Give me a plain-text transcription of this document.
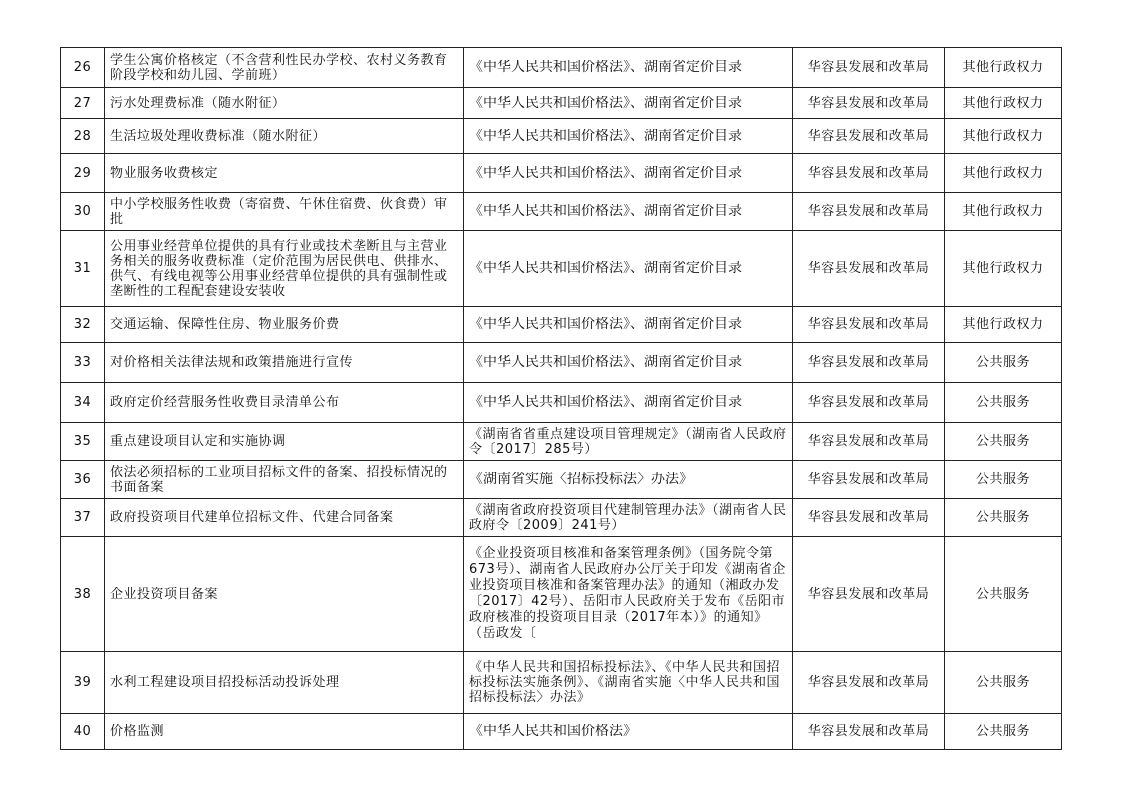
26	学生公寓价格核定（不含营利性民办学校、农村义务教育阶段学校和幼儿园、学前班）	《中华人民共和国价格法》、湖南省定价目录	华容县发展和改革局	其他行政权力
27	污水处理费标准（随水附征）	《中华人民共和国价格法》、湖南省定价目录	华容县发展和改革局	其他行政权力
28	生活垃圾处理收费标准（随水附征）	《中华人民共和国价格法》、湖南省定价目录	华容县发展和改革局	其他行政权力
29	物业服务收费核定	《中华人民共和国价格法》、湖南省定价目录	华容县发展和改革局	其他行政权力
30	中小学校服务性收费（寄宿费、午休住宿费、伙食费）审批	《中华人民共和国价格法》、湖南省定价目录	华容县发展和改革局	其他行政权力
31	公用事业经营单位提供的具有行业或技术垄断且与主营业务相关的服务收费标准（定价范围为居民供电、供排水、供气、有线电视等公用事业经营单位提供的具有强制性或垄断性的工程配套建设安装收	《中华人民共和国价格法》、湖南省定价目录	华容县发展和改革局	其他行政权力
32	交通运输、保障性住房、物业服务价费	《中华人民共和国价格法》、湖南省定价目录	华容县发展和改革局	其他行政权力
33	对价格相关法律法规和政策措施进行宣传	《中华人民共和国价格法》、湖南省定价目录	华容县发展和改革局	公共服务
34	政府定价经营服务性收费目录清单公布	《中华人民共和国价格法》、湖南省定价目录	华容县发展和改革局	公共服务
35	重点建设项目认定和实施协调	《湖南省省重点建设项目管理规定》（湖南省人民政府令〔2017〕285号）	华容县发展和改革局	公共服务
36	依法必须招标的工业项目招标文件的备案、招投标情况的书面备案	《湖南省实施〈招标投标法〉办法》	华容县发展和改革局	公共服务
37	政府投资项目代建单位招标文件、代建合同备案	《湖南省政府投资项目代建制管理办法》（湖南省人民政府令〔2009〕241号）	华容县发展和改革局	公共服务
38	企业投资项目备案	《企业投资项目核准和备案管理条例》（国务院令第673号）、湖南省人民政府办公厅关于印发《湖南省企业投资项目核准和备案管理办法》的通知（湘政办发〔2017〕42号）、岳阳市人民政府关于发布《岳阳市政府核准的投资项目目录（2017年本）》的通知》（岳政发〔	华容县发展和改革局	公共服务
39	水利工程建设项目招投标活动投诉处理	《中华人民共和国招标投标法》、《中华人民共和国招标投标法实施条例》、《湖南省实施〈中华人民共和国招标投标法〉办法》	华容县发展和改革局	公共服务
40	价格监测	《中华人民共和国价格法》	华容县发展和改革局	公共服务
